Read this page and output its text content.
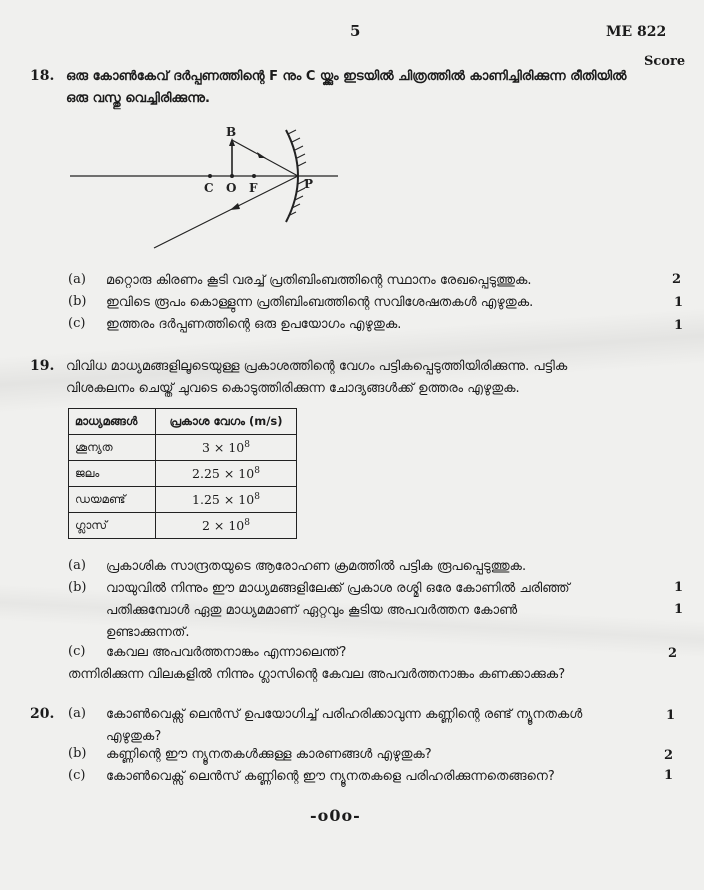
5	ME 822
Score
18. ഒരു കോൺകേവ് ദർപ്പണത്തിന്റെ F നും C യ്ക്കും ഇടയിൽ ചിത്രത്തിൽ കാണിച്ചിരിക്കുന്ന രീതിയിൽ
ഒരു വസ്തു വെച്ചിരിക്കുന്നു.
B
C O F	P
(a) മറ്റൊരു കിരണം കൂടി വരച്ച് പ്രതിബിംബത്തിന്റെ സ്ഥാനം രേഖപ്പെടുത്തുക.	2
(b) ഇവിടെ രൂപം കൊള്ളുന്ന പ്രതിബിംബത്തിന്റെ സവിശേഷതകൾ എഴുതുക.	1
(c) ഇത്തരം ദർപ്പണത്തിന്റെ ഒരു ഉപയോഗം എഴുതുക.	1
19. വിവിധ മാധ്യമങ്ങളിലൂടെയുള്ള പ്രകാശത്തിന്റെ വേഗം പട്ടികപ്പെടുത്തിയിരിക്കുന്നു. പട്ടിക
വിശകലനം ചെയ്ത് ചുവടെ കൊടുത്തിരിക്കുന്ന ചോദ്യങ്ങൾക്ക് ഉത്തരം എഴുതുക.
മാധ്യമങ്ങൾ	പ്രകാശ വേഗം (m/s)
ശൂന്യത	$3 \times 10^8$
ജലം	$2.25 \times 10^8$
ഡയമണ്ട്	$1.25 \times 10^8$
ഗ്ലാസ്	$2 \times 10^8$
(a) പ്രകാശിക സാന്ദ്രതയുടെ ആരോഹണ ക്രമത്തിൽ പട്ടിക രൂപപ്പെടുത്തുക.
1
(b) വായുവിൽ നിന്നും ഈ മാധ്യമങ്ങളിലേക്ക് പ്രകാശ രശ്മി ഒരേ കോണിൽ ചരിഞ്ഞ്
പതിക്കുമ്പോൾ ഏതു മാധ്യമമാണ് ഏറ്റവും കൂടിയ അപവർത്തന കോൺ
ഉണ്ടാക്കുന്നത്.
1
(c) കേവല അപവർത്തനാങ്കം എന്നാലെന്ത്?
തന്നിരിക്കുന്ന വിലകളിൽ നിന്നും ഗ്ലാസിന്റെ കേവല അപവർത്തനാങ്കം കണക്കാക്കുക?
2
20. (a) കോൺവെക്സ് ലെൻസ് ഉപയോഗിച്ച് പരിഹരിക്കാവുന്ന കണ്ണിന്റെ രണ്ട് ന്യൂനതകൾ
എഴുതുക?
1
(b) കണ്ണിന്റെ ഈ ന്യൂനതകൾക്കുള്ള കാരണങ്ങൾ എഴുതുക?	2
(c) കോൺവെക്സ് ലെൻസ് കണ്ണിന്റെ ഈ ന്യൂനതകളെ പരിഹരിക്കുന്നതെങ്ങനെ?	1
-o0o-
